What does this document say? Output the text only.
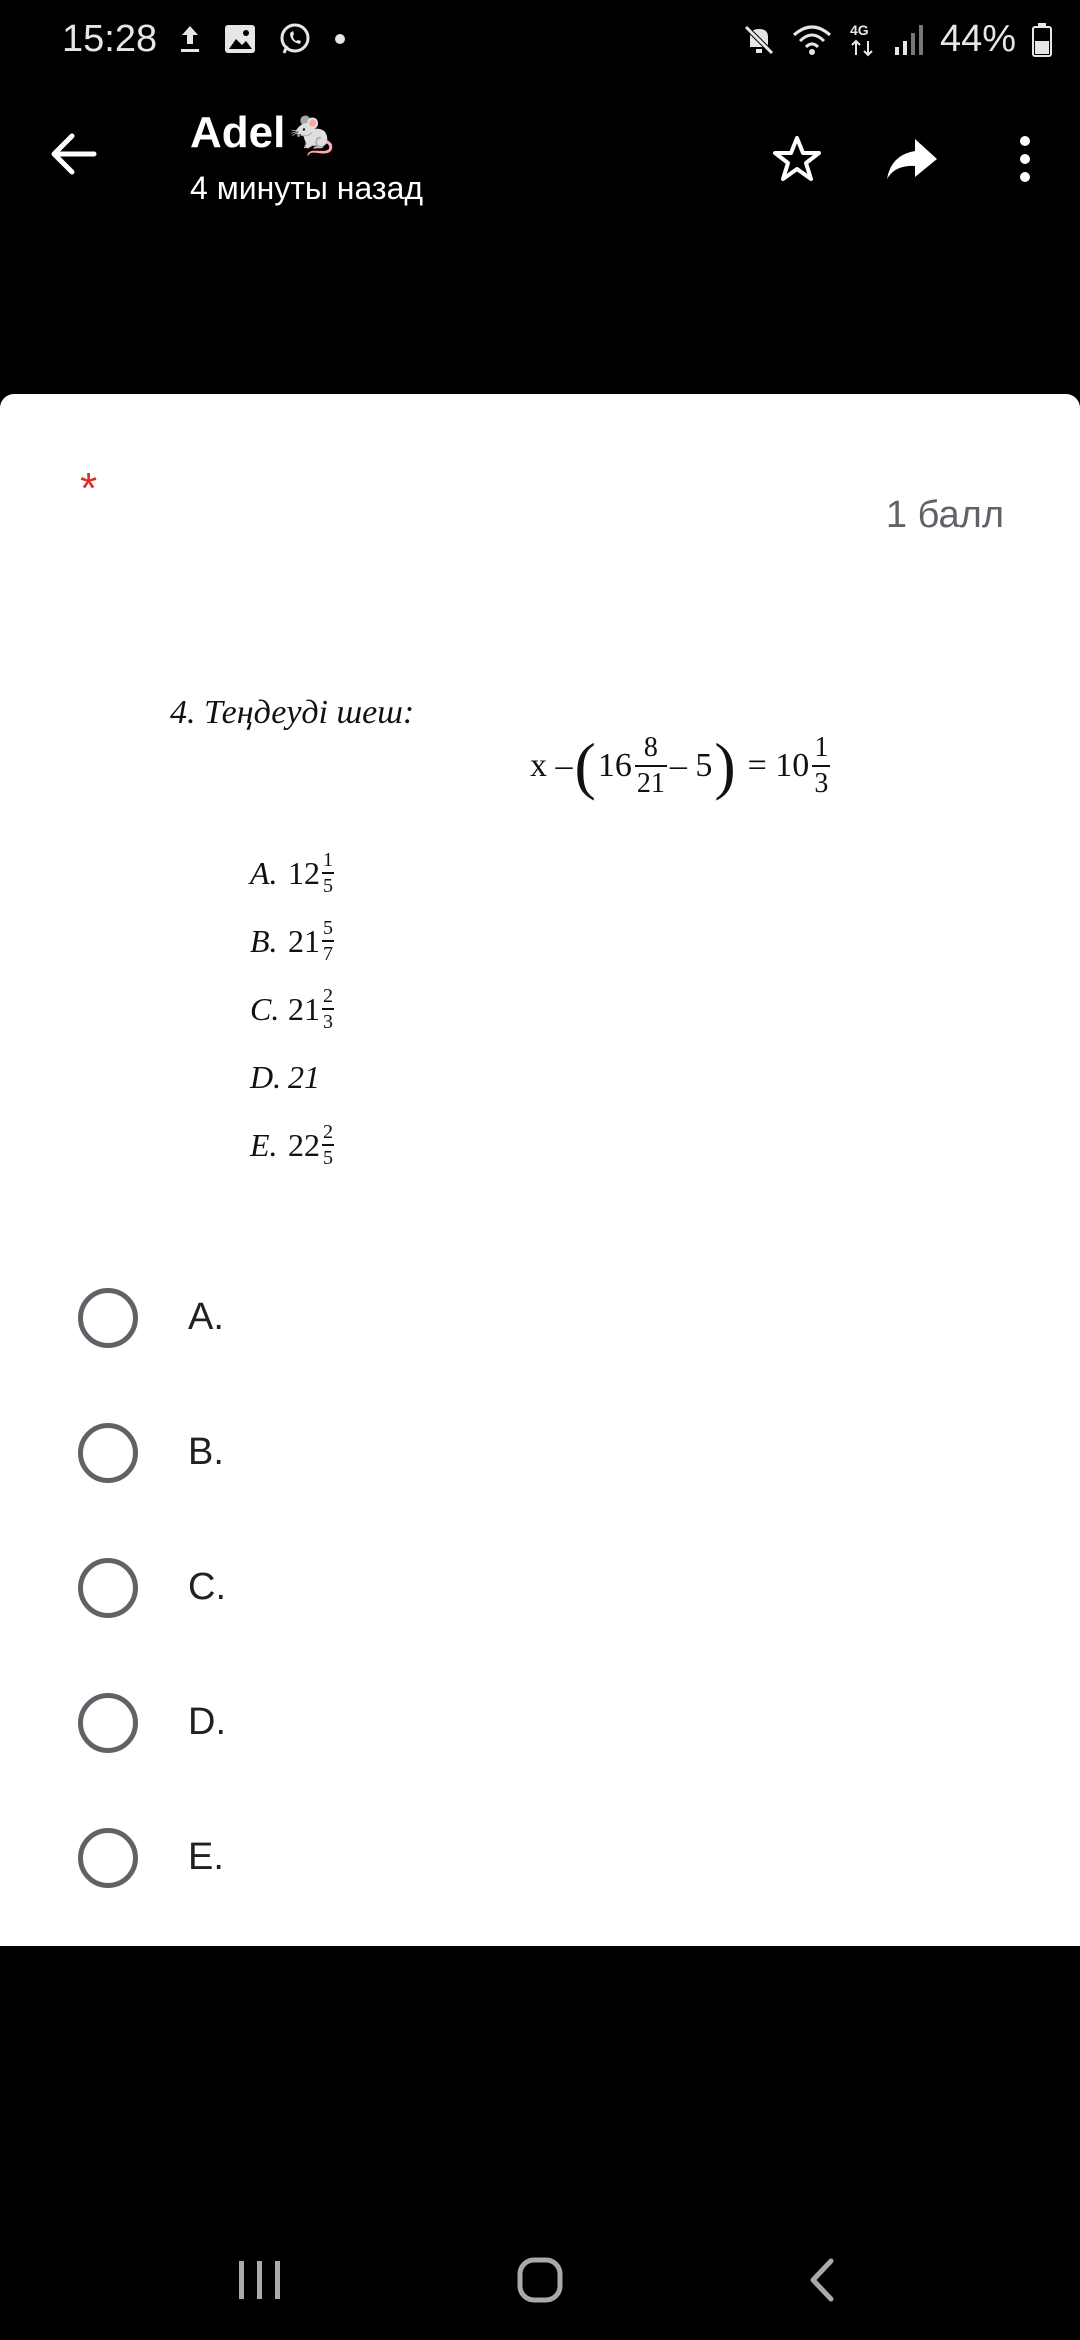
15:28	4G 44%
Adel🐁
4 минуты назад
*
1 балл
4. Теңдеуді шеш:
x – ( $16 \frac{8}{21} - 5$ ) = $10 \frac{1}{3}$
A. 12 1
5
B. 21 5
7
C. 21 2
3
D. 21
E. 22 2
5
A.
B.
C.
D.
E.
